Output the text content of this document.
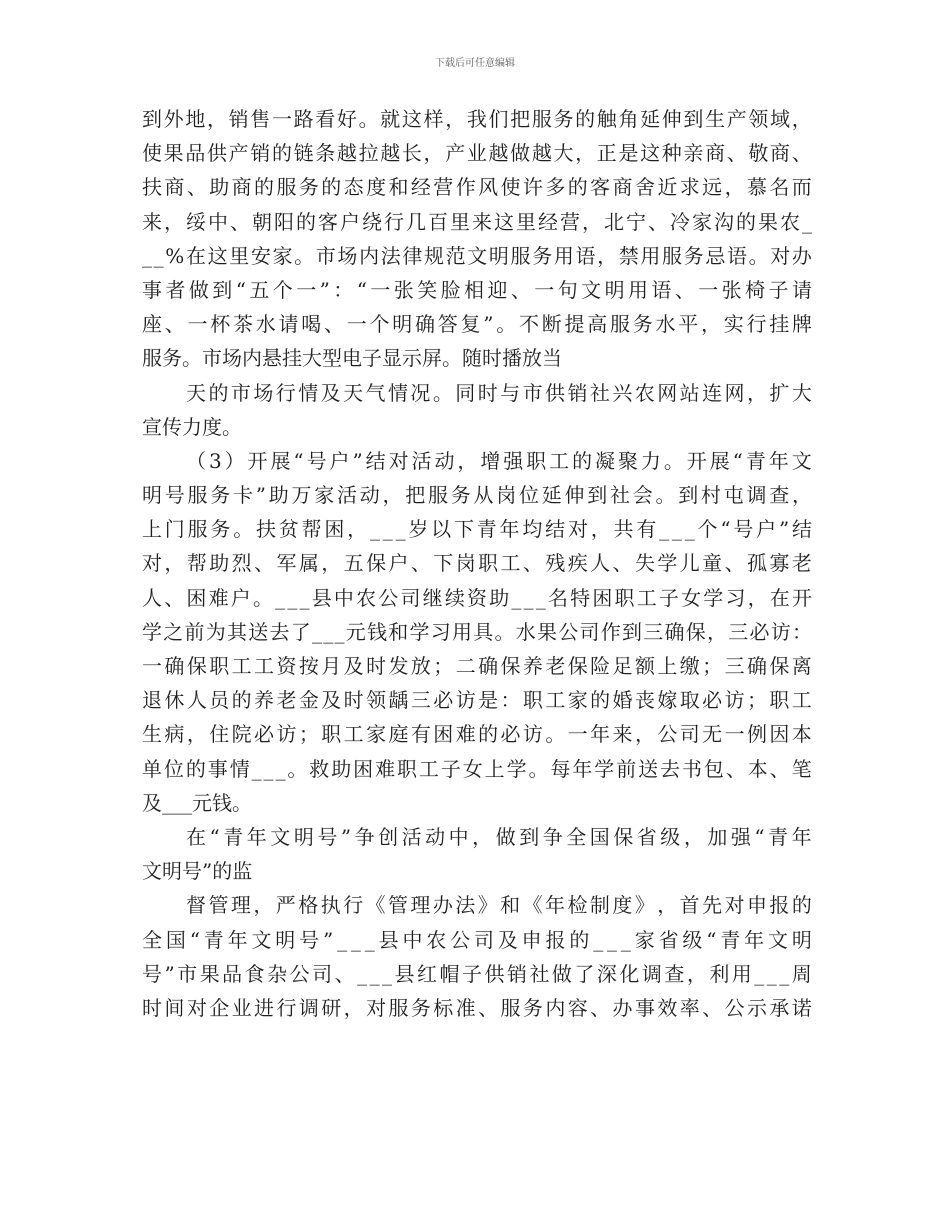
下载后可任意编辑
到 外 地 ， 销 售 一 路 看 好 。 就 这 样 ， 我 们 把 服 务 的 触 角 延 伸 到 生 产 领 域 ，
使 果 品 供 产 销 的 链 条 越 拉 越 长 ， 产 业 越 做 越 大 ， 正 是 这 种 亲 商 、 敬 商 、
扶 商 、 助 商 的 服 务 的 态 度 和 经 营 作 风 使 许 多 的 客 商 舍 近 求 远 ， 慕 名 而
来 ， 绥 中 、 朝 阳 的 客 户 绕 行 几 百 里 来 这 里 经 营 ， 北 宁 、 冷 家 沟 的 果 农 _
_ _ % 在 这 里 安 家 。 市 场 内 法 律 规 范 文 明 服 务 用 语 ， 禁 用 服 务 忌 语 。 对 办
事 者 做 到 “ 五 个 一 ” ： “ 一 张 笑 脸 相 迎 、 一 句 文 明 用 语 、 一 张 椅 子 请
座 、 一 杯 茶 水 请 喝 、 一 个 明 确 答 复 ” 。 不 断 提 高 服 务 水 平 ， 实 行 挂 牌
服 务 。 市 场 内 悬 挂 大 型 电 子 显 示 屏 。 随 时 播 放 当
天 的 市 场 行 情 及 天 气 情 况 。 同 时 与 市 供 销 社 兴 农 网 站 连 网 ， 扩 大
宣 传 力 度 。
（ 3 ） 开 展 “ 号 户 ” 结 对 活 动 ， 增 强 职 工 的 凝 聚 力 。 开 展 “ 青 年 文
明 号 服 务 卡 ” 助 万 家 活 动 ， 把 服 务 从 岗 位 延 伸 到 社 会 。 到 村 屯 调 查 ，
上 门 服 务 。 扶 贫 帮 困 ， _ _ _ 岁 以 下 青 年 均 结 对 ， 共 有 _ _ _ 个 “ 号 户 ” 结
对 ， 帮 助 烈 、 军 属 ， 五 保 户 、 下 岗 职 工 、 残 疾 人 、 失 学 儿 童 、 孤 寡 老
人 、 困 难 户 。 _ _ _ 县 中 农 公 司 继 续 资 助 _ _ _ 名 特 困 职 工 子 女 学 习 ， 在 开
学 之 前 为 其 送 去 了 _ _ _ 元 钱 和 学 习 用 具 。 水 果 公 司 作 到 三 确 保 ， 三 必 访 ：
一 确 保 职 工 工 资 按 月 及 时 发 放 ； 二 确 保 养 老 保 险 足 额 上 缴 ； 三 确 保 离
退 休 人 员 的 养 老 金 及 时 领 龋 三 必 访 是 ： 职 工 家 的 婚 丧 嫁 取 必 访 ； 职 工
生 病 ， 住 院 必 访 ； 职 工 家 庭 有 困 难 的 必 访 。 一 年 来 ， 公 司 无 一 例 因 本
单 位 的 事 情 _ _ _ 。 救 助 困 难 职 工 子 女 上 学 。 每 年 学 前 送 去 书 包 、 本 、 笔
及 _ _ _ 元 钱 。
在 “ 青 年 文 明 号 ” 争 创 活 动 中 ， 做 到 争 全 国 保 省 级 ， 加 强 “ 青 年
文 明 号 ” 的 监
督 管 理 ， 严 格 执 行 《 管 理 办 法 》 和 《 年 检 制 度 》 ， 首 先 对 申 报 的
全 国 “ 青 年 文 明 号 ” _ _ _ 县 中 农 公 司 及 申 报 的 _ _ _ 家 省 级 “ 青 年 文 明
号 ” 市 果 品 食 杂 公 司 、 _ _ _ 县 红 帽 子 供 销 社 做 了 深 化 调 查 ， 利 用 _ _ _ 周
时 间 对 企 业 进 行 调 研 ， 对 服 务 标 准 、 服 务 内 容 、 办 事 效 率 、 公 示 承 诺
